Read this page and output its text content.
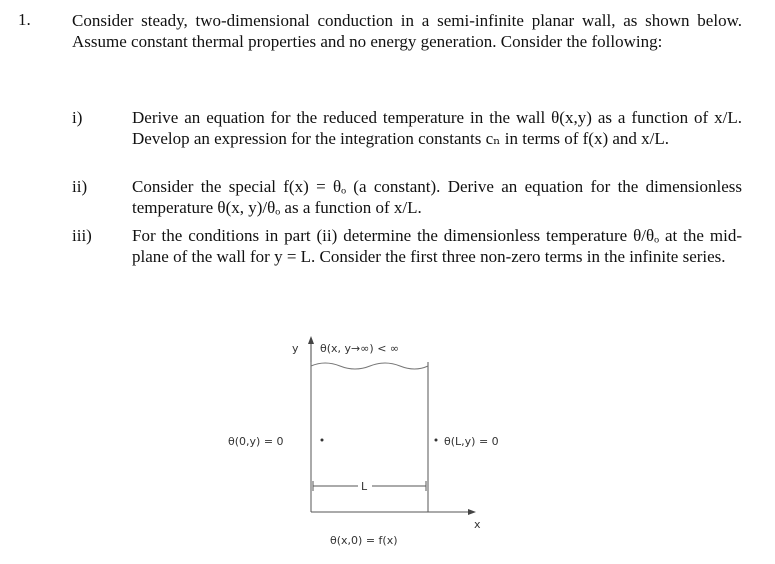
1. Consider steady, two-dimensional conduction in a semi-infinite planar wall, as shown below. Assume constant thermal properties and no energy generation. Consider the following:
i)	Derive an equation for the reduced temperature in the wall θ(x,y) as a function of x/L. Develop an expression for the integration constants cₙ in terms of f(x) and x/L.
ii)	Consider the special f(x) = θₒ (a constant). Derive an equation for the dimensionless temperature θ(x, y)/θₒ as a function of x/L.
iii) For the conditions in part (ii) determine the dimensionless temperature θ/θₒ at the mid-plane of the wall for y = L. Consider the first three non-zero terms in the infinite series.
y θ(x, y→∞) < ∞
x
θ(0,y) = 0	θ(L,y) = 0
L
θ(x,0) = f(x)
